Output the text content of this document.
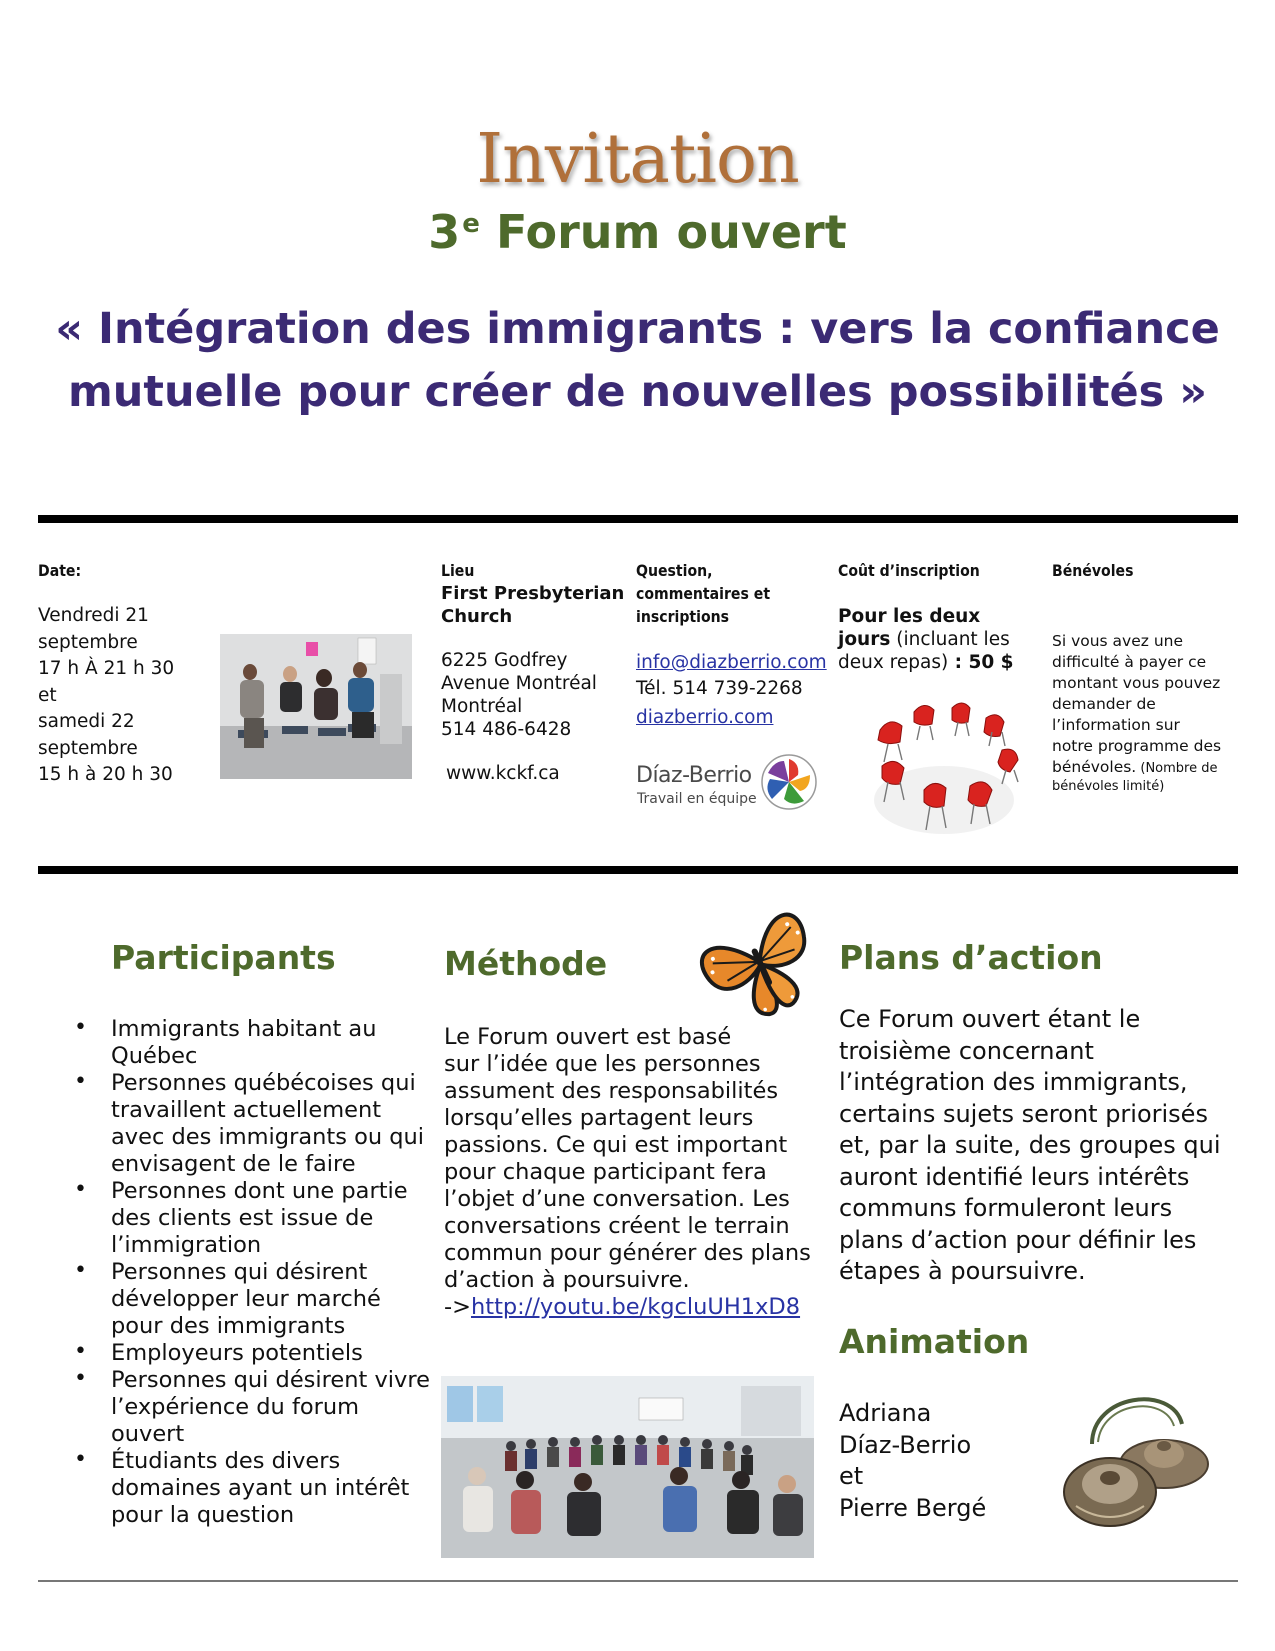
Invitation
3e Forum ouvert
« Intégration des immigrants : vers la confiance
mutuelle pour créer de nouvelles possibilités »
Date:
Vendredi 21
septembre
17 h À 21 h 30
et
samedi 22
septembre
15 h à 20 h 30
Lieu
First Presbyterian
Church
6225 Godfrey
Avenue Montréal
Montréal
514 486-6428
www.kckf.ca
Question,
commentaires et
inscriptions
info@diazberrio.com
Tél. 514 739-2268
diazberrio.com
Díaz-Berrio
Travail en équipe
Coût d’inscription
Pour les deux
jours (incluant les
deux repas) : 50 $
Bénévoles
Si vous avez une
difficulté à payer ce
montant vous pouvez
demander de
l’information sur
notre programme des
bénévoles. (Nombre de
bénévoles limité)
Participants
• Immigrants habitant au Québec
• Personnes québécoises qui travaillent actuellement avec des immigrants ou qui envisagent de le faire
• Personnes dont une partie des clients est issue de l’immigration
• Personnes qui désirent développer leur marché pour des immigrants
• Employeurs potentiels
• Personnes qui désirent vivre l’expérience du forum ouvert
• Étudiants des divers domaines ayant un intérêt pour la question
Méthode
Le Forum ouvert est basé
sur l’idée que les personnes
assument des responsabilités
lorsqu’elles partagent leurs
passions. Ce qui est important
pour chaque participant fera
l’objet d’une conversation. Les
conversations créent le terrain
commun pour générer des plans
d’action à poursuivre.
->http://youtu.be/kgcluUH1xD8
Plans d’action
Ce Forum ouvert étant le
troisième concernant
l’intégration des immigrants,
certains sujets seront priorisés
et, par la suite, des groupes qui
auront identifié leurs intérêts
communs formuleront leurs
plans d’action pour définir les
étapes à poursuivre.
Animation
Adriana
Díaz-Berrio
et
Pierre Bergé
